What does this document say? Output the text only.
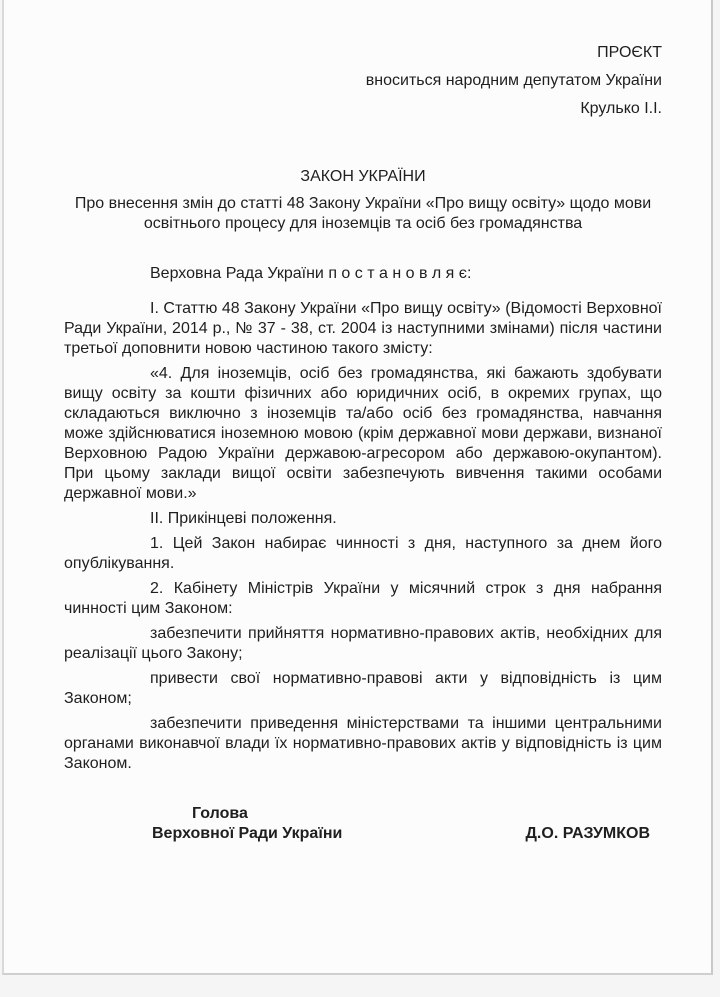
ПРОЄКТ
вноситься народним депутатом України
Крулько І.І.
ЗАКОН УКРАЇНИ
Про внесення змін до статті 48 Закону України «Про вищу освіту» щодо мови освітнього процесу для іноземців та осіб без громадянства
Верховна Рада України п о с т а н о в л я є:

І. Статтю 48 Закону України «Про вищу освіту» (Відомості Верховної Ради України, 2014 р., № 37 - 38, ст. 2004 із наступними змінами) після частини третьої доповнити новою частиною такого змісту:

«4. Для іноземців, осіб без громадянства, які бажають здобувати вищу освіту за кошти фізичних або юридичних осіб, в окремих групах, що складаються виключно з іноземців та/або осіб без громадянства, навчання може здійснюватися іноземною мовою (крім державної мови держави, визнаної Верховною Радою України державою-агресором або державою-окупантом). При цьому заклади вищої освіти забезпечують вивчення такими особами державної мови.»

ІІ. Прикінцеві положення.

1. Цей Закон набирає чинності з дня, наступного за днем його опублікування.

2. Кабінету Міністрів України у місячний строк з дня набрання чинності цим Законом:

забезпечити прийняття нормативно-правових актів, необхідних для реалізації цього Закону;

привести свої нормативно-правові акти у відповідність із цим Законом;

забезпечити приведення міністерствами та іншими центральними органами виконавчої влади їх нормативно-правових актів у відповідність із цим Законом.

Голова
Верховної Ради України	Д.О. РАЗУМКОВ
